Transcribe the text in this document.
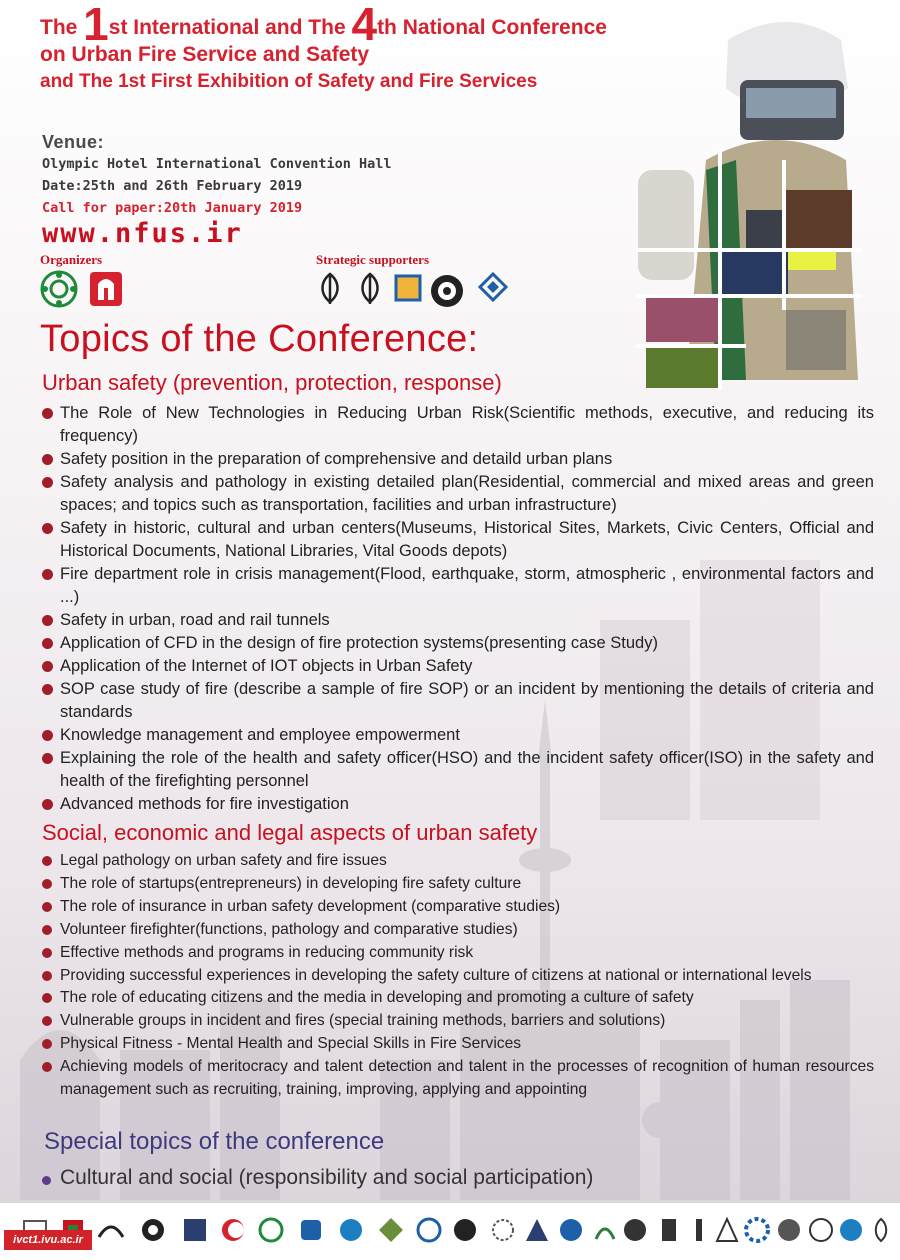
The 1st International and The 4th National Conference
on Urban Fire Service and Safety
and The 1st First Exhibition of Safety and Fire Services
Venue:
Olympic Hotel International Convention Hall
Date:25th and 26th February 2019
Call for paper:20th January 2019
www.nfus.ir
Organizers	Strategic supporters
Topics of the Conference:
Urban safety (prevention, protection, response)
The Role of New Technologies in Reducing Urban Risk(Scientific methods, executive, and reducing its frequency)
Safety position in the preparation of comprehensive and detaild urban plans
Safety analysis and pathology in existing detailed plan(Residential, commercial and mixed areas and green spaces; and topics such as transportation, facilities and urban infrastructure)
Safety in historic, cultural and urban centers(Museums, Historical Sites, Markets, Civic Centers, Official and Historical Documents, National Libraries, Vital Goods depots)
Fire department role in crisis management(Flood, earthquake, storm, atmospheric , environmental factors and ...)
Safety in urban, road and rail tunnels
Application of CFD in the design of fire protection systems(presenting case Study)
Application of the Internet of IOT objects in Urban Safety
SOP case study of fire (describe a sample of fire SOP) or an incident by mentioning the details of criteria and standards
Knowledge management and employee empowerment
Explaining the role of the health and safety officer(HSO) and the incident safety officer(ISO) in the safety and health of the firefighting personnel
Advanced methods for fire investigation
Social, economic and legal aspects of urban safety
Legal pathology on urban safety and fire issues
The role of startups(entrepreneurs) in developing fire safety culture
The role of insurance in urban safety development (comparative studies)
Volunteer firefighter(functions, pathology and comparative studies)
Effective methods and programs in reducing community risk
Providing successful experiences in developing the safety culture of citizens at national or international levels
The role of educating citizens and the media in developing and promoting a culture of safety
Vulnerable groups in incident and fires (special training methods, barriers and solutions)
Physical Fitness - Mental Health and Special Skills in Fire Services
Achieving models of meritocracy and talent detection and talent in the processes of recognition of human resources management such as recruiting, training, improving, applying and appointing
Special topics of the conference
Cultural and social (responsibility and social participation)
ivct1.ivu.ac.ir
